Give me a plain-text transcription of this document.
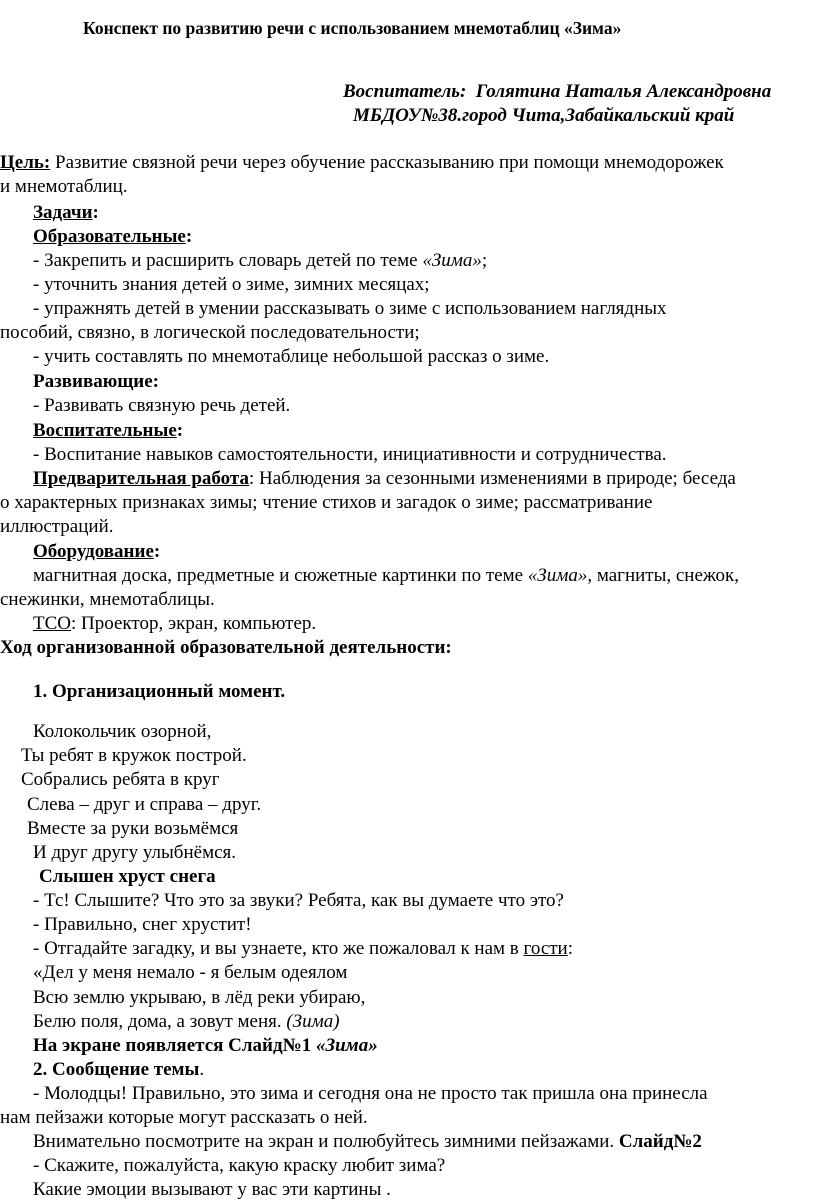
Конспект по развитию речи с использованием мнемотаблиц «Зима»
Воспитатель: Голятина Наталья Александровна
МБДОУ№38.город Чита,Забайкальский край
Цель: Развитие связной речи через обучение рассказыванию при помощи мнемодорожек
и мнемотаблиц.
Задачи:
Образовательные:
- Закрепить и расширить словарь детей по теме «Зима»;
- уточнить знания детей о зиме, зимних месяцах;
- упражнять детей в умении рассказывать о зиме с использованием наглядных
пособий, связно, в логической последовательности;
- учить составлять по мнемотаблице небольшой рассказ о зиме.
Развивающие:
- Развивать связную речь детей.
Воспитательные:
- Воспитание навыков самостоятельности, инициативности и сотрудничества.
Предварительная работа: Наблюдения за сезонными изменениями в природе; беседа
о характерных признаках зимы; чтение стихов и загадок о зиме; рассматривание
иллюстраций.
Оборудование:
магнитная доска, предметные и сюжетные картинки по теме «Зима», магниты, снежок,
снежинки, мнемотаблицы.
ТСО: Проектор, экран, компьютер.
Ход организованной образовательной деятельности:
1. Организационный момент.
Колокольчик озорной,
Ты ребят в кружок построй.
Собрались ребята в круг
Слева – друг и справа – друг.
Вместе за руки возьмёмся
И друг другу улыбнёмся.
Слышен хруст снега
- Тс! Слышите? Что это за звуки? Ребята, как вы думаете что это?
- Правильно, снег хрустит!
- Отгадайте загадку, и вы узнаете, кто же пожаловал к нам в гости:
«Дел у меня немало - я белым одеялом
Всю землю укрываю, в лёд реки убираю,
Белю поля, дома, а зовут меня. (Зима)
На экране появляется Слайд№1 «Зима»
2. Сообщение темы.
- Молодцы! Правильно, это зима и сегодня она не просто так пришла она принесла
нам пейзажи которые могут рассказать о ней.
Внимательно посмотрите на экран и полюбуйтесь зимними пейзажами. Слайд№2
- Скажите, пожалуйста, какую краску любит зима?
Какие эмоции вызывают у вас эти картины .
